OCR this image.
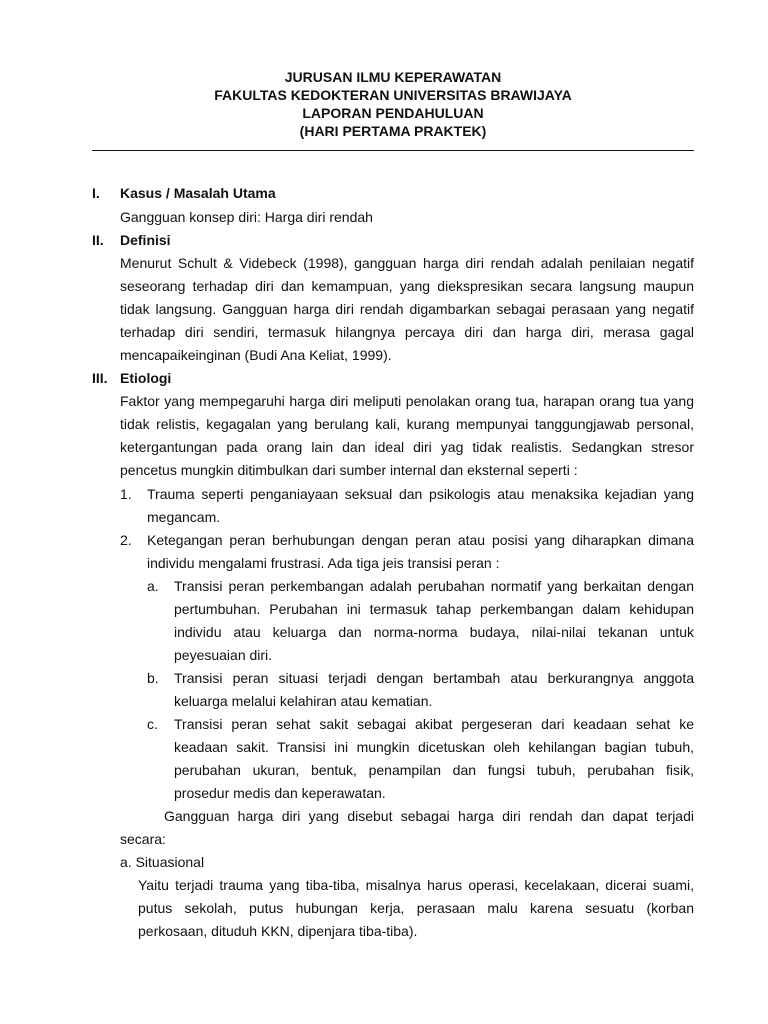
JURUSAN ILMU KEPERAWATAN
FAKULTAS KEDOKTERAN UNIVERSITAS BRAWIJAYA
LAPORAN PENDAHULUAN
(HARI PERTAMA PRAKTEK)
I. Kasus / Masalah Utama
Gangguan konsep diri: Harga diri rendah
II. Definisi
Menurut Schult & Videbeck (1998), gangguan harga diri rendah adalah penilaian negatif
seseorang terhadap diri dan kemampuan, yang diekspresikan secara langsung maupun
tidak langsung. Gangguan harga diri rendah digambarkan sebagai perasaan yang negatif
terhadap diri sendiri, termasuk hilangnya percaya diri dan harga diri, merasa gagal
mencapaikeinginan (Budi Ana Keliat, 1999).
III. Etiologi
Faktor yang mempegaruhi harga diri meliputi penolakan orang tua, harapan orang tua yang
tidak relistis, kegagalan yang berulang kali, kurang mempunyai tanggungjawab personal,
ketergantungan pada orang lain dan ideal diri yag tidak realistis. Sedangkan stresor
pencetus mungkin ditimbulkan dari sumber internal dan eksternal seperti :
1. Trauma seperti penganiayaan seksual dan psikologis atau menaksika kejadian yang
megancam.
2. Ketegangan peran berhubungan dengan peran atau posisi yang diharapkan dimana
individu mengalami frustrasi. Ada tiga jeis transisi peran :
a. Transisi peran perkembangan adalah perubahan normatif yang berkaitan dengan
pertumbuhan. Perubahan ini termasuk tahap perkembangan dalam kehidupan
individu atau keluarga dan norma-norma budaya, nilai-nilai tekanan untuk
peyesuaian diri.
b. Transisi peran situasi terjadi dengan bertambah atau berkurangnya anggota
keluarga melalui kelahiran atau kematian.
c. Transisi peran sehat sakit sebagai akibat pergeseran dari keadaan sehat ke
keadaan sakit. Transisi ini mungkin dicetuskan oleh kehilangan bagian tubuh,
perubahan ukuran, bentuk, penampilan dan fungsi tubuh, perubahan fisik,
prosedur medis dan keperawatan.
Gangguan harga diri yang disebut sebagai harga diri rendah dan dapat terjadi
secara:
a. Situasional
Yaitu terjadi trauma yang tiba-tiba, misalnya harus operasi, kecelakaan, dicerai suami,
putus sekolah, putus hubungan kerja, perasaan malu karena sesuatu (korban
perkosaan, dituduh KKN, dipenjara tiba-tiba).
